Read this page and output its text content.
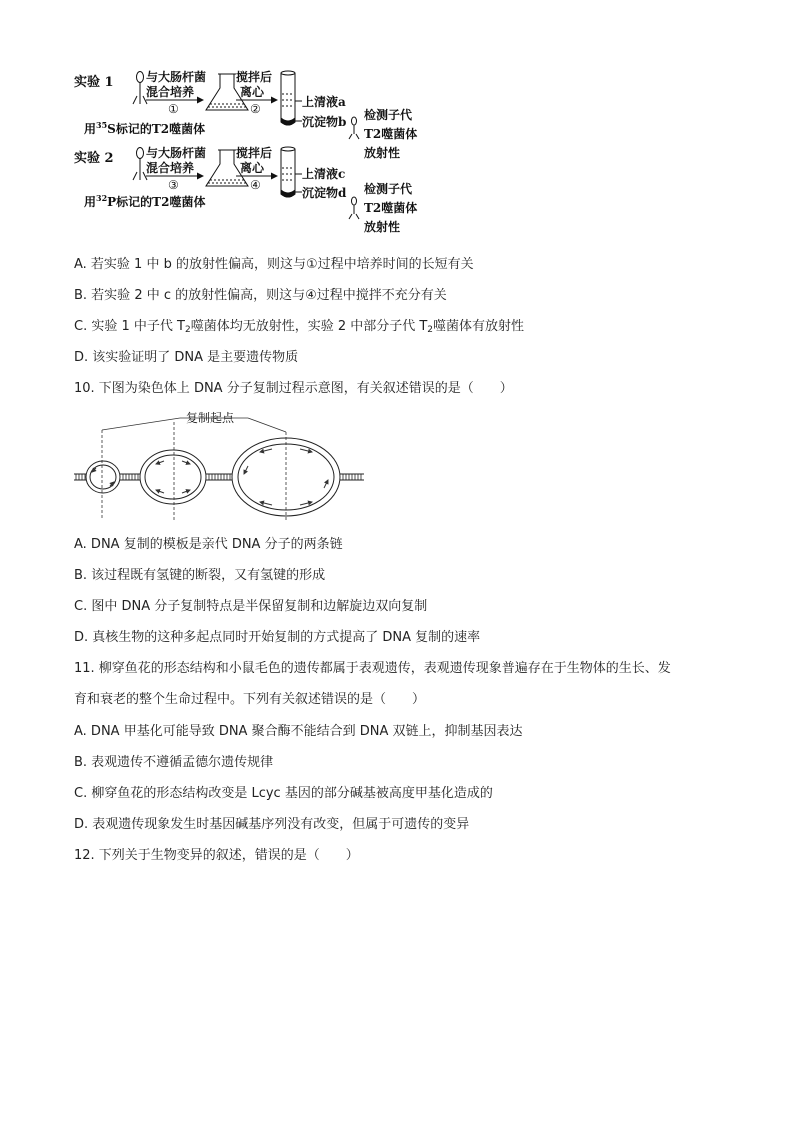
实验 1	与大肠杆菌
混合培养
①
搅拌后
离心
②	上清液a
沉淀物b 检测子代
T2噬菌体
放射性
用$^{35}$S标记的T2噬菌体
实验 2	与大肠杆菌
混合培养
③
搅拌后
离心
④
上清液c
沉淀物d 检测子代
T2噬菌体
放射性
用$^{32}$P标记的T2噬菌体
A. 若实验 1 中 b 的放射性偏高，则这与①过程中培养时间的长短有关
B. 若实验 2 中 c 的放射性偏高，则这与④过程中搅拌不充分有关
C. 实验 1 中子代 $T_2$噬菌体均无放射性，实验 2 中部分子代 $T_2$噬菌体有放射性
D. 该实验证明了 DNA 是主要遗传物质
10. 下图为染色体上 DNA 分子复制过程示意图，有关叙述错误的是（　　）
复制起点
A. DNA 复制的模板是亲代 DNA 分子的两条链
B. 该过程既有氢键的断裂，又有氢键的形成
C. 图中 DNA 分子复制特点是半保留复制和边解旋边双向复制
D. 真核生物的这种多起点同时开始复制的方式提高了 DNA 复制的速率
11. 柳穿鱼花的形态结构和小鼠毛色的遗传都属于表观遗传，表观遗传现象普遍存在于生物体的生长、发
育和衰老的整个生命过程中。下列有关叙述错误的是（　　）
A. DNA 甲基化可能导致 DNA 聚合酶不能结合到 DNA 双链上，抑制基因表达
B. 表观遗传不遵循孟德尔遗传规律
C. 柳穿鱼花的形态结构改变是 Lcyc 基因的部分碱基被高度甲基化造成的
D. 表观遗传现象发生时基因碱基序列没有改变，但属于可遗传的变异
12. 下列关于生物变异的叙述，错误的是（　　）
